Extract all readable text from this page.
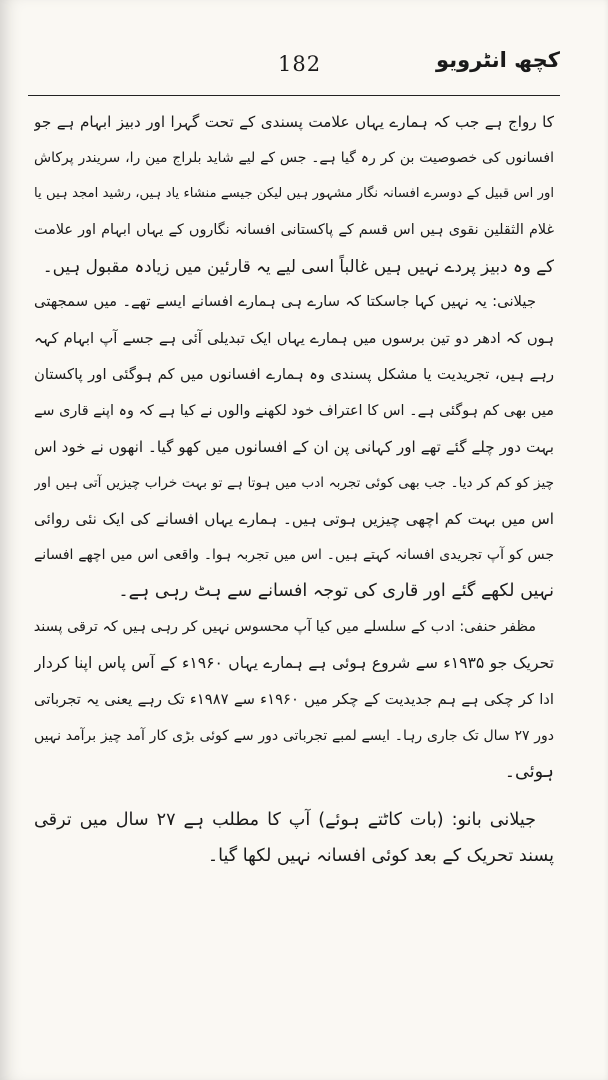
182	کچھ انٹرویو
کا رواج ہے جب کہ ہمارے یہاں علامت پسندی کے تحت گہرا اور دبیز ابہام ہے جو
افسانوں کی خصوصیت بن کر رہ گیا ہے۔ جس کے لیے شاید بلراج مین را، سریندر پرکاش
اور اس قبیل کے دوسرے افسانہ نگار مشہور ہیں لیکن جیسے منشاء یاد ہیں، رشید امجد ہیں یا
غلام الثقلین نقوی ہیں اس قسم کے پاکستانی افسانہ نگاروں کے یہاں ابہام اور علامت
کے وہ دبیز پردے نہیں ہیں غالباً اسی لیے یہ قارئین میں زیادہ مقبول ہیں۔
جیلانی: یہ نہیں کہا جاسکتا کہ سارے ہی ہمارے افسانے ایسے تھے۔ میں سمجھتی
ہوں کہ ادھر دو تین برسوں میں ہمارے یہاں ایک تبدیلی آئی ہے جسے آپ ابہام کہہ
رہے ہیں، تجریدیت یا مشکل پسندی وہ ہمارے افسانوں میں کم ہوگئی اور پاکستان
میں بھی کم ہوگئی ہے۔ اس کا اعتراف خود لکھنے والوں نے کیا ہے کہ وہ اپنے قاری سے
بہت دور چلے گئے تھے اور کہانی پن ان کے افسانوں میں کھو گیا۔ انھوں نے خود اس
چیز کو کم کر دیا۔ جب بھی کوئی تجربہ ادب میں ہوتا ہے تو بہت خراب چیزیں آتی ہیں اور
اس میں بہت کم اچھی چیزیں ہوتی ہیں۔ ہمارے یہاں افسانے کی ایک نئی روائی
جس کو آپ تجریدی افسانہ کہتے ہیں۔ اس میں تجربہ ہوا۔ واقعی اس میں اچھے افسانے
نہیں لکھے گئے اور قاری کی توجہ افسانے سے ہٹ رہی ہے۔
مظفر حنفی: ادب کے سلسلے میں کیا آپ محسوس نہیں کر رہی ہیں کہ ترقی پسند
تحریک جو ۱۹۳۵ء سے شروع ہوئی ہے ہمارے یہاں ۱۹۶۰ء کے آس پاس اپنا کردار
ادا کر چکی ہے ہم جدیدیت کے چکر میں ۱۹۶۰ء سے ۱۹۸۷ء تک رہے یعنی یہ تجرباتی
دور ۲۷ سال تک جاری رہا۔ ایسے لمبے تجرباتی دور سے کوئی بڑی کار آمد چیز برآمد نہیں
ہوئی۔
جیلانی بانو: (بات کاٹتے ہوئے) آپ کا مطلب ہے ۲۷ سال میں ترقی
پسند تحریک کے بعد کوئی افسانہ نہیں لکھا گیا۔
